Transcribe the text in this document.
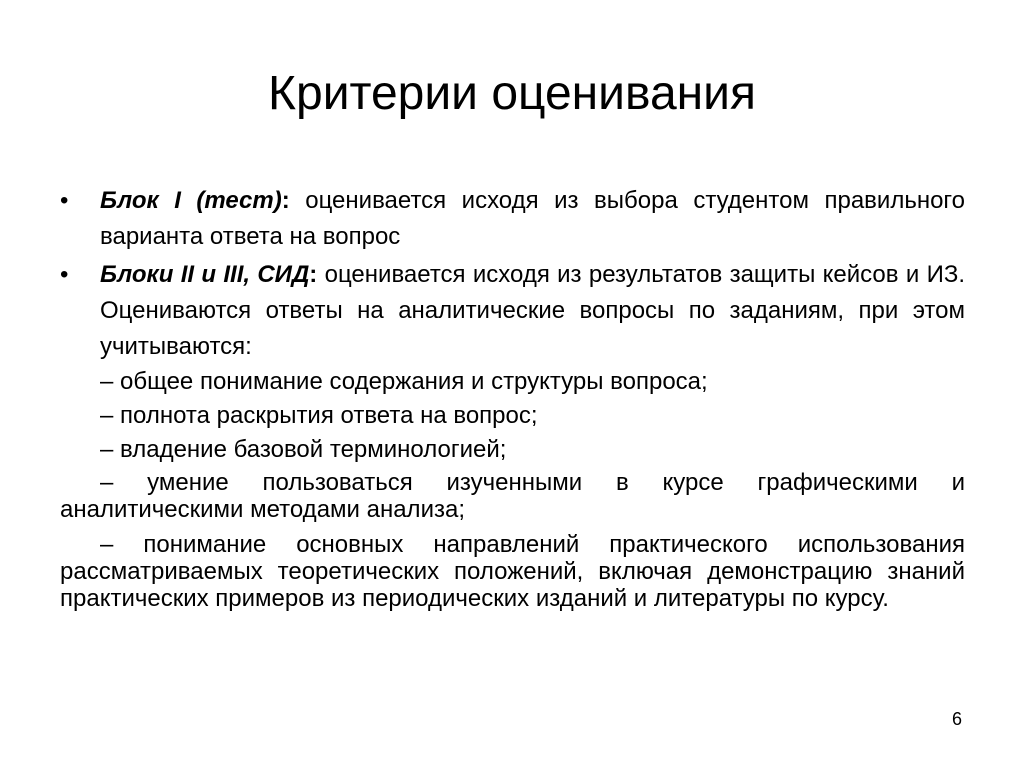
Критерии оценивания
•	Блок I (тест): оценивается исходя из выбора студентом правильного варианта ответа на вопрос
•	Блоки II и III, СИД: оценивается исходя из результатов защиты кейсов и ИЗ. Оцениваются ответы на аналитические вопросы по заданиям, при этом учитываются:
– общее понимание содержания и структуры вопроса;
– полнота раскрытия ответа на вопрос;
– владение базовой терминологией;
– умение пользоваться изученными в курсе графическими и аналитическими методами анализа;
– понимание основных направлений практического использования рассматриваемых теоретических положений, включая демонстрацию знаний практических примеров из периодических изданий и литературы по курсу.
6
